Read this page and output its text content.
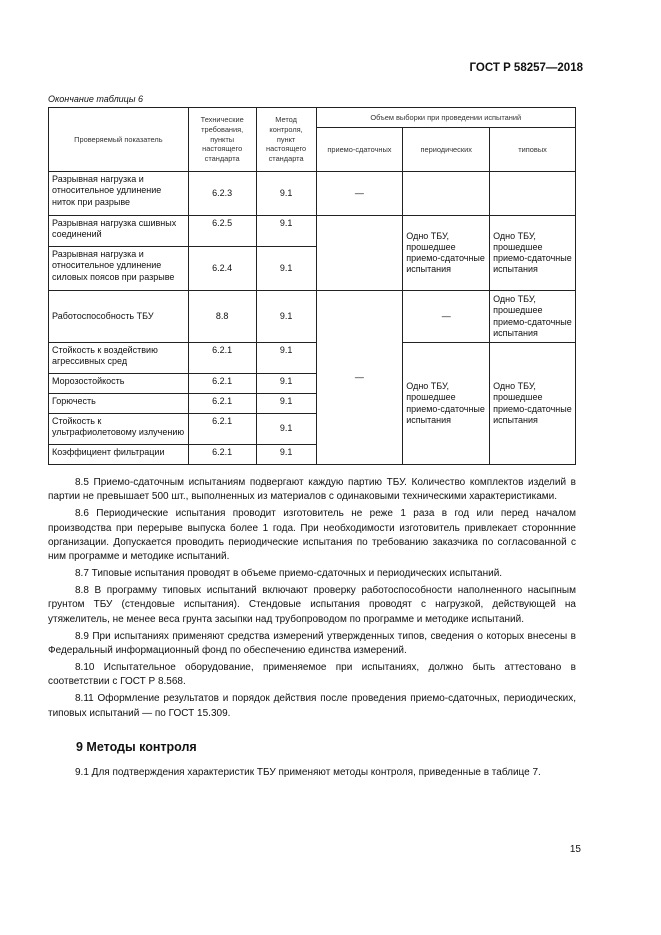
ГОСТ Р 58257—2018
Окончание таблицы 6
Проверяемый показатель	Технические требования, пункты настоящего стандарта	Метод контроля, пункт настоящего стандарта	Объем выборки при проведении испытаний		
			приемо-сдаточных	периодических	типовых
Разрывная нагрузка и относительное удлинение ниток при разрыве	6.2.3	9.1	—		
Разрывная нагрузка сшивных соединений	6.2.5	9.1		Одно ТБУ, прошедшее приемо-сдаточные испытания	Одно ТБУ, прошедшее приемо-сдаточные испытания
Разрывная нагрузка и относительное удлинение силовых поясов при разрыве	6.2.4	9.1			
Работоспособность ТБУ	8.8	9.1	—	—	Одно ТБУ, прошедшее приемо-сдаточные испытания
Стойкость к воздействию агрессивных сред	6.2.1	9.1		Одно ТБУ, прошедшее приемо-сдаточные испытания	Одно ТБУ, прошедшее приемо-сдаточные испытания
Морозостойкость	6.2.1	9.1			
Горючесть	6.2.1	9.1			
Стойкость к ультрафиолетовому излучению	6.2.1	9.1			
Коэффициент фильтрации	6.2.1	9.1			

8.5 Приемо-сдаточным испытаниям подвергают каждую партию ТБУ. Количество комплектов изделий в партии не превышает 500 шт., выполненных из материалов с одинаковыми техническими характеристиками.

8.6 Периодические испытания проводит изготовитель не реже 1 раза в год или перед началом производства при перерыве выпуска более 1 года. При необходимости изготовитель привлекает стороннние организации. Допускается проводить периодические испытания по требованию заказчика по согласованной с ним программе и методике испытаний.

8.7 Типовые испытания проводят в объеме приемо-сдаточных и периодических испытаний.

8.8 В программу типовых испытаний включают проверку работоспособности наполненного насыпным грунтом ТБУ (стендовые испытания). Стендовые испытания проводят с нагрузкой, действующей на утяжелитель, не менее веса грунта засыпки над трубопроводом по программе и методике испытаний.

8.9 При испытаниях применяют средства измерений утвержденных типов, сведения о которых внесены в Федеральный информационный фонд по обеспечению единства измерений.

8.10 Испытательное оборудование, применяемое при испытаниях, должно быть аттестовано в соответствии с ГОСТ Р 8.568.

8.11 Оформление результатов и порядок действия после проведения приемо-сдаточных, периодических, типовых испытаний — по ГОСТ 15.309.

9 Методы контроля

9.1 Для подтверждения характеристик ТБУ применяют методы контроля, приведенные в таблице 7.

15
